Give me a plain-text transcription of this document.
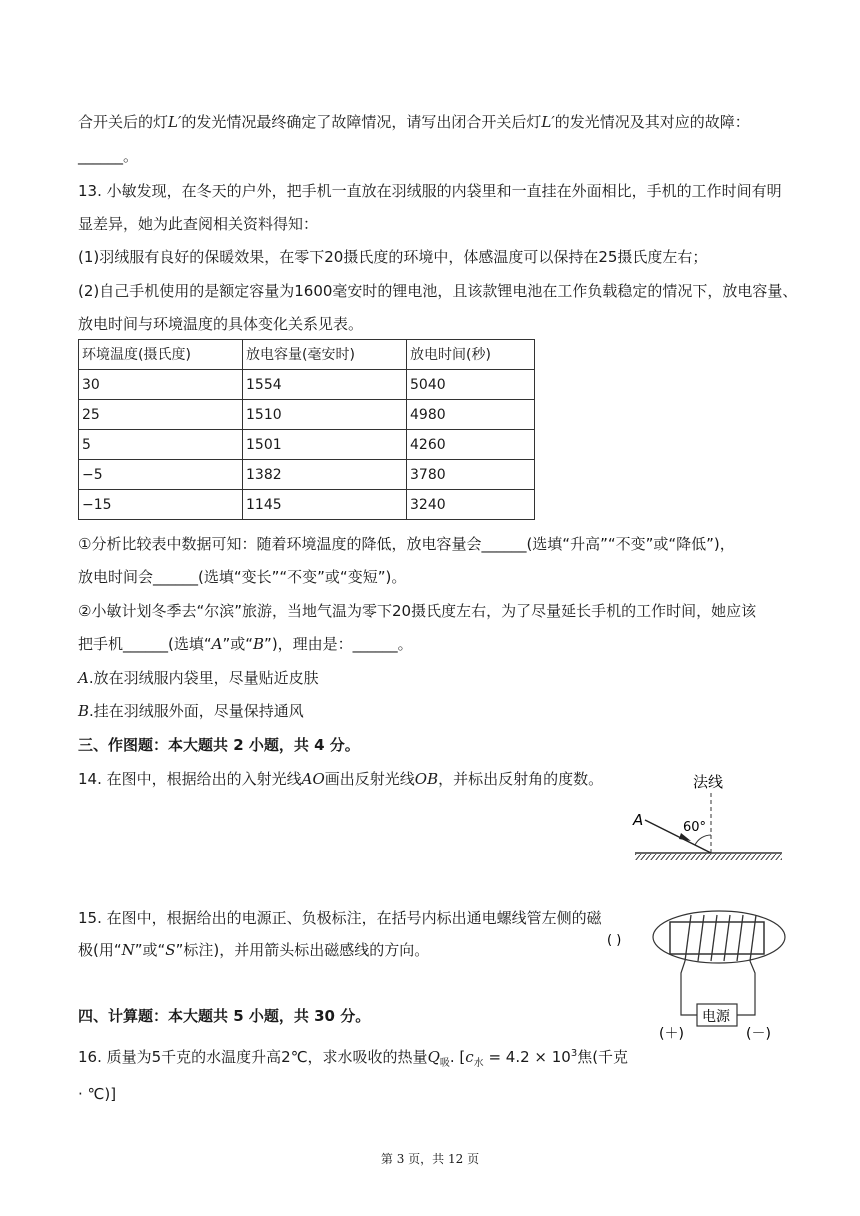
合开关后的灯L′的发光情况最终确定了故障情况，请写出闭合开关后灯L′的发光情况及其对应的故障：
______。
13. 小敏发现，在冬天的户外，把手机一直放在羽绒服的内袋里和一直挂在外面相比，手机的工作时间有明
显差异，她为此查阅相关资料得知：
(1)羽绒服有良好的保暖效果，在零下20摄氏度的环境中，体感温度可以保持在25摄氏度左右；
(2)自己手机使用的是额定容量为1600毫安时的锂电池，且该款锂电池在工作负载稳定的情况下，放电容量、
放电时间与环境温度的具体变化关系见表。
环境温度(摄氏度)	放电容量(毫安时)	放电时间(秒)
30	1554	5040
25	1510	4980
5	1501	4260
−5	1382	3780
−15	1145	3240
①分析比较表中数据可知：随着环境温度的降低，放电容量会______(选填“升高”“不变”或“降低”)，
放电时间会______(选填“变长”“不变”或“变短”)。
②小敏计划冬季去“尔滨”旅游，当地气温为零下20摄氏度左右，为了尽量延长手机的工作时间，她应该
把手机______(选填“A”或“B”)，理由是：______。
A.放在羽绒服内袋里，尽量贴近皮肤
B.挂在羽绒服外面，尽量保持通风
三、作图题：本大题共 2 小题，共 4 分。
14. 在图中，根据给出的入射光线AO画出反射光线OB，并标出反射角的度数。	法线
A	60°
15. 在图中，根据给出的电源正、负极标注，在括号内标出通电螺线管左侧的磁
极(用“N”或“S”标注)，并用箭头标出磁感线的方向。
电源
( )
(＋)	(－)
四、计算题：本大题共 5 小题，共 30 分。
16. 质量为5千克的水温度升高2℃，求水吸收的热量$Q_吸$. [$c_水 = 4.2 \times 10^3$焦(千克
· ℃)]
第 3 页，共 12 页
